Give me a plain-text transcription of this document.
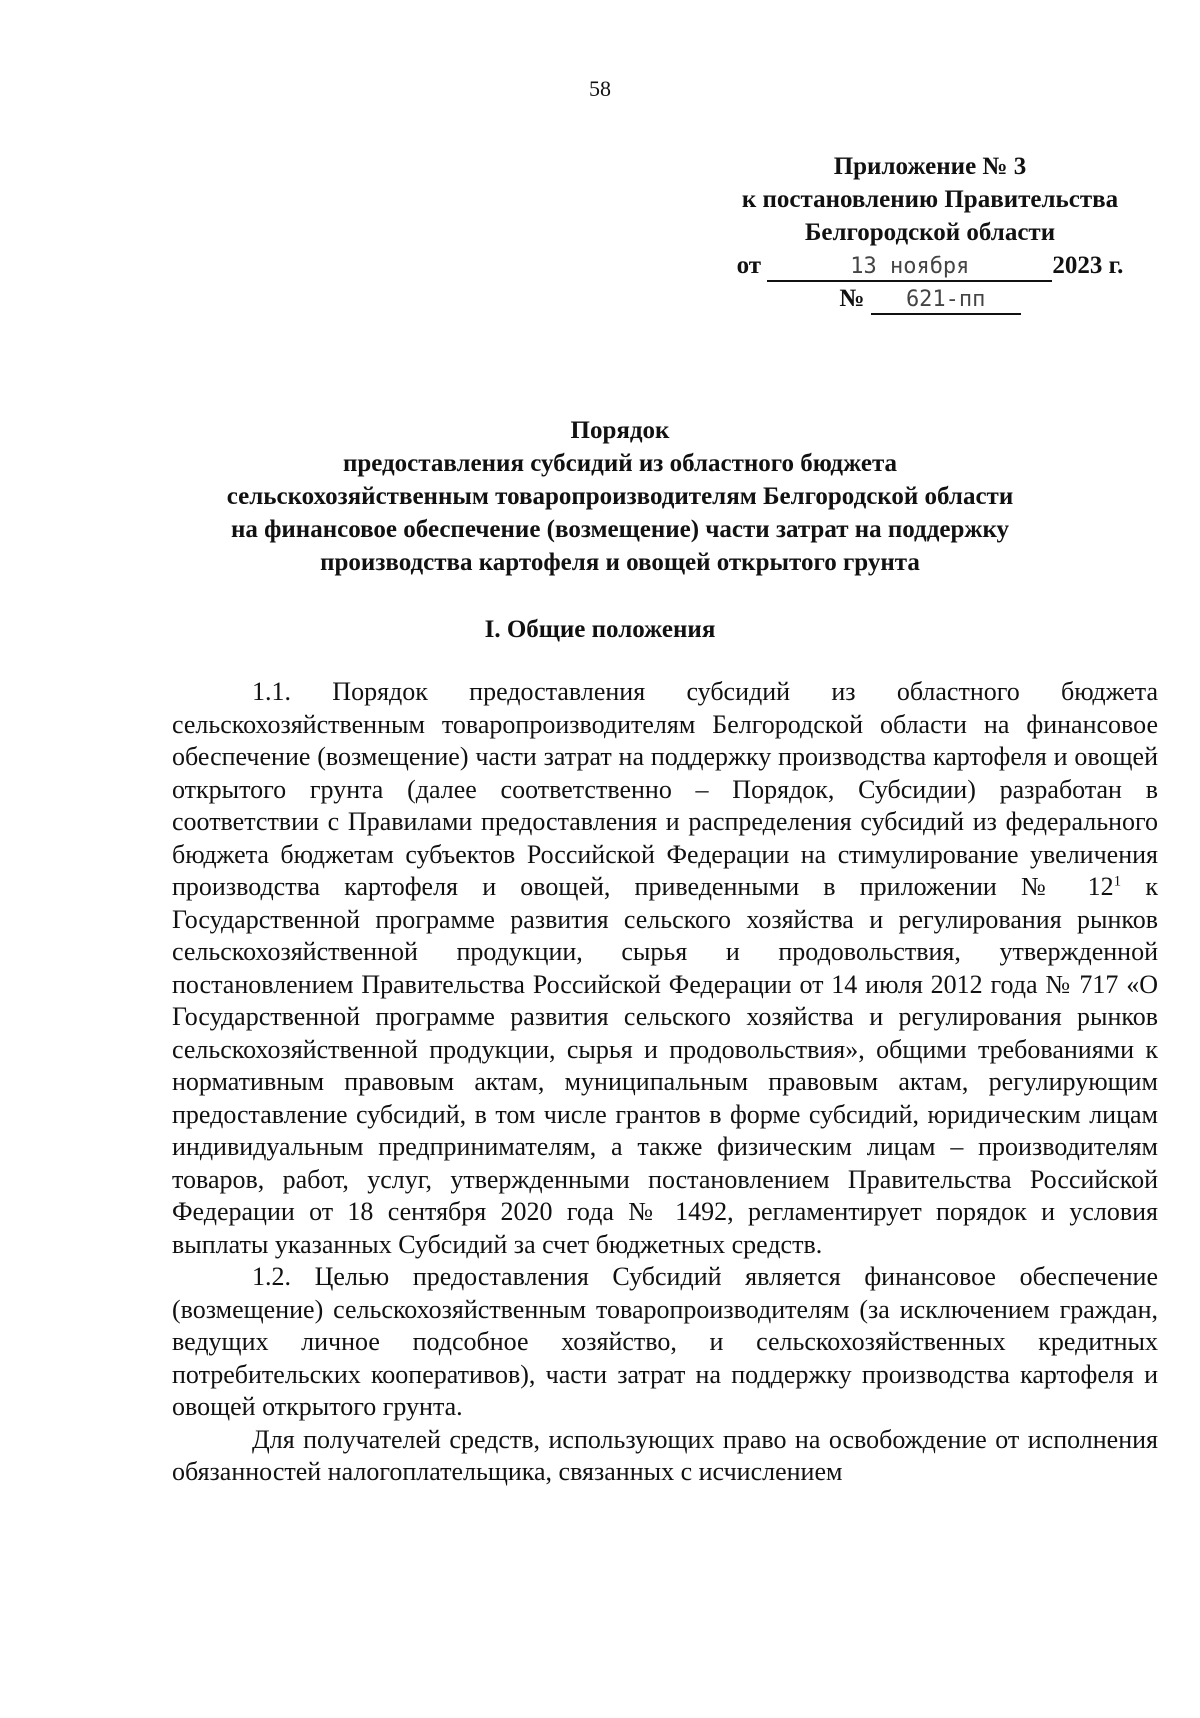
58
Приложение № 3
к постановлению Правительства
Белгородской области
от	13 ноября	2023 г.
№ 621-пп
Порядок
предоставления субсидий из областного бюджета
сельскохозяйственным товаропроизводителям Белгородской области
на финансовое обеспечение (возмещение) части затрат на поддержку
производства картофеля и овощей открытого грунта
I. Общие положения

1.1. Порядок предоставления субсидий из областного бюджета сельскохозяйственным товаропроизводителям Белгородской области на финансовое обеспечение (возмещение) части затрат на поддержку производства картофеля и овощей открытого грунта (далее соответственно – Порядок, Субсидии) разработан в соответствии с Правилами предоставления и распределения субсидий из федерального бюджета бюджетам субъектов Российской Федерации на стимулирование увеличения производства картофеля и овощей, приведенными в приложении № $12^1$ к Государственной программе развития сельского хозяйства и регулирования рынков сельскохозяйственной продукции, сырья и продовольствия, утвержденной постановлением Правительства Российской Федерации от 14 июля 2012 года № 717 «О Государственной программе развития сельского хозяйства и регулирования рынков сельскохозяйственной продукции, сырья и продовольствия», общими требованиями к нормативным правовым актам, муниципальным правовым актам, регулирующим предоставление субсидий, в том числе грантов в форме субсидий, юридическим лицам индивидуальным предпринимателям, а также физическим лицам – производителям товаров, работ, услуг, утвержденными постановлением Правительства Российской Федерации от 18 сентября 2020 года № 1492, регламентирует порядок и условия выплаты указанных Субсидий за счет бюджетных средств.

1.2. Целью предоставления Субсидий является финансовое обеспечение (возмещение) сельскохозяйственным товаропроизводителям (за исключением граждан, ведущих личное подсобное хозяйство, и сельскохозяйственных кредитных потребительских кооперативов), части затрат на поддержку производства картофеля и овощей открытого грунта.

Для получателей средств, использующих право на освобождение от исполнения обязанностей налогоплательщика, связанных с исчислением
